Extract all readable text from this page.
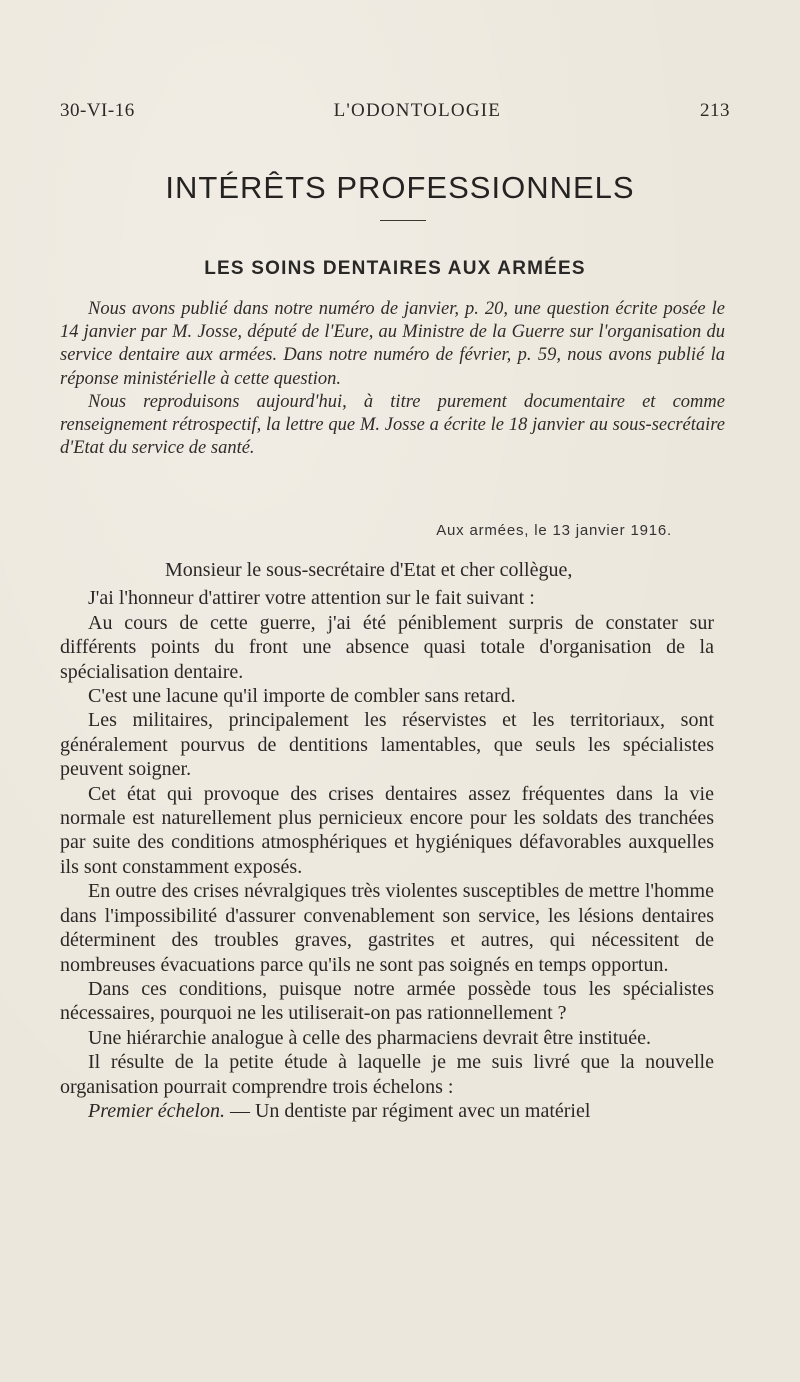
30-VI-16	L'ODONTOLOGIE	213
INTÉRÊTS PROFESSIONNELS
LES SOINS DENTAIRES AUX ARMÉES

Nous avons publié dans notre numéro de janvier, p. 20, une question écrite posée le 14 janvier par M. Josse, député de l'Eure, au Ministre de la Guerre sur l'organisation du service dentaire aux armées. Dans notre numéro de février, p. 59, nous avons publié la réponse ministérielle à cette question.

Nous reproduisons aujourd'hui, à titre purement documentaire et comme renseignement rétrospectif, la lettre que M. Josse a écrite le 18 janvier au sous-secrétaire d'Etat du service de santé.

Aux armées, le 13 janvier 1916.

Monsieur le sous-secrétaire d'Etat et cher collègue,

J'ai l'honneur d'attirer votre attention sur le fait suivant :

Au cours de cette guerre, j'ai été péniblement surpris de constater sur différents points du front une absence quasi totale d'organisation de la spécialisation dentaire.

C'est une lacune qu'il importe de combler sans retard.

Les militaires, principalement les réservistes et les territoriaux, sont généralement pourvus de dentitions lamentables, que seuls les spécialistes peuvent soigner.

Cet état qui provoque des crises dentaires assez fréquentes dans la vie normale est naturellement plus pernicieux encore pour les soldats des tranchées par suite des conditions atmosphériques et hygiéniques défavorables auxquelles ils sont constamment exposés.

En outre des crises névralgiques très violentes susceptibles de mettre l'homme dans l'impossibilité d'assurer convenablement son service, les lésions dentaires déterminent des troubles graves, gastrites et autres, qui nécessitent de nombreuses évacuations parce qu'ils ne sont pas soignés en temps opportun.

Dans ces conditions, puisque notre armée possède tous les spécialistes nécessaires, pourquoi ne les utiliserait-on pas rationnellement ?

Une hiérarchie analogue à celle des pharmaciens devrait être instituée.

Il résulte de la petite étude à laquelle je me suis livré que la nouvelle organisation pourrait comprendre trois échelons :

Premier échelon. — Un dentiste par régiment avec un matériel
